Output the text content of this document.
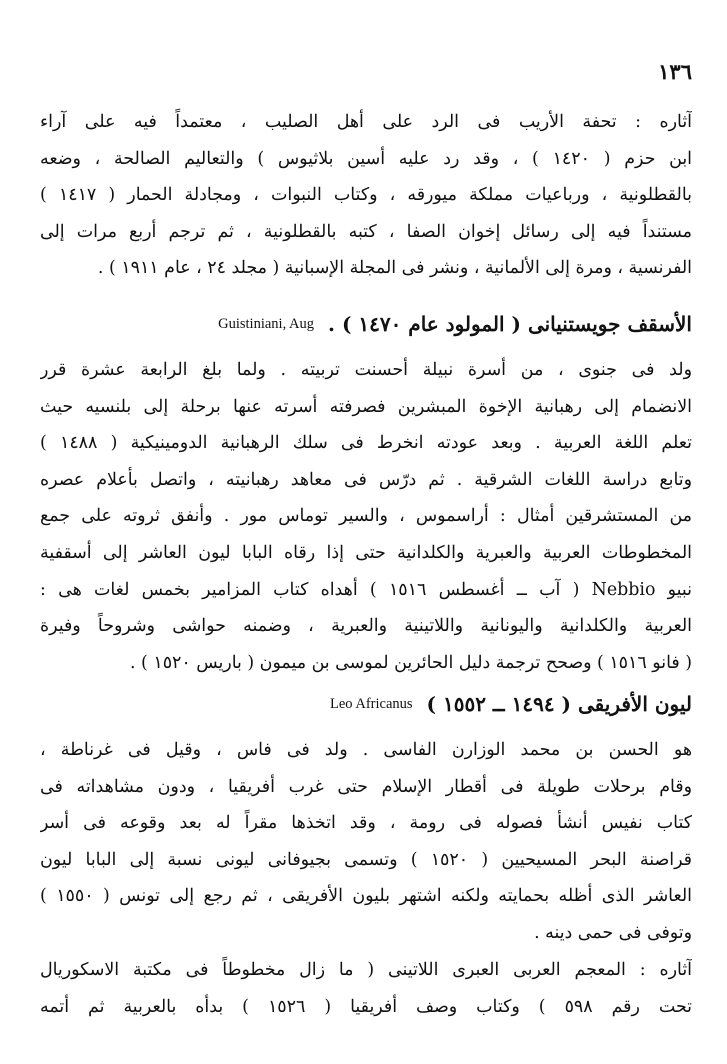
١٣٦
آثاره : تحفة الأريب فى الرد على أهل الصليب ، معتمداً فيه على آراء
ابن حزم ( ١٤٢٠ ) ، وقد رد عليه أسين بلاثيوس ) والتعاليم الصالحة ، وضعه
بالقطلونية ، ورباعيات مملكة ميورقه ، وكتاب النبوات ، ومجادلة الحمار ( ١٤١٧ )
مستنداً فيه إلى رسائل إخوان الصفا ، كتبه بالقطلونية ، ثم ترجم أربع مرات إلى
الفرنسية ، ومرة إلى الألمانية ، ونشر فى المجلة الإسبانية ( مجلد ٢٤ ، عام ١٩١١ ) .
الأسقف جويستنيانى ( المولود عام ١٤٧٠ ) .
Guistiniani, Aug
ولد فى جنوى ، من أسرة نبيلة أحسنت تربيته . ولما بلغ الرابعة عشرة قرر
الانضمام إلى رهبانية الإخوة المبشرين فصرفته أسرته عنها برحلة إلى بلنسيه حيث
تعلم اللغة العربية . وبعد عودته انخرط فى سلك الرهبانية الدومينيكية ( ١٤٨٨ )
وتابع دراسة اللغات الشرقية . ثم درّس فى معاهد رهبانيته ، واتصل بأعلام عصره
من المستشرقين أمثال : أراسموس ، والسير توماس مور . وأنفق ثروته على جمع
المخطوطات العربية والعبرية والكلدانية حتى إذا رقاه البابا ليون العاشر إلى أسقفية
نبيو Nebbio ( آب ــ أغسطس ١٥١٦ ) أهداه كتاب المزامير بخمس لغات هى :
العربية والكلدانية واليونانية واللاتينية والعبرية ، وضمنه حواشى وشروحاً وفيرة
( فانو ١٥١٦ ) وصحح ترجمة دليل الحائرين لموسى بن ميمون ( باريس ١٥٢٠ ) .
ليون الأفريقى ( ١٤٩٤ ــ ١٥٥٢ )
Leo Africanus
هو الحسن بن محمد الوزارن الفاسى . ولد فى فاس ، وقيل فى غرناطة ،
وقام برحلات طويلة فى أقطار الإسلام حتى غرب أفريقيا ، ودون مشاهداته فى
كتاب نفيس أنشأ فصوله فى رومة ، وقد اتخذها مقراً له بعد وقوعه فى أسر
قراصنة البحر المسيحيين ( ١٥٢٠ ) وتسمى بجيوفانى ليونى نسبة إلى البابا ليون
العاشر الذى أظله بحمايته ولكنه اشتهر بليون الأفريقى ، ثم رجع إلى تونس ( ١٥٥٠ )
وتوفى فى حمى دينه .
آثاره : المعجم العربى العبرى اللاتينى ( ما زال مخطوطاً فى مكتبة الاسكوريال
تحت رقم ٥٩٨ ) وكتاب وصف أفريقيا ( ١٥٢٦ ) بدأه بالعربية ثم أتمه
